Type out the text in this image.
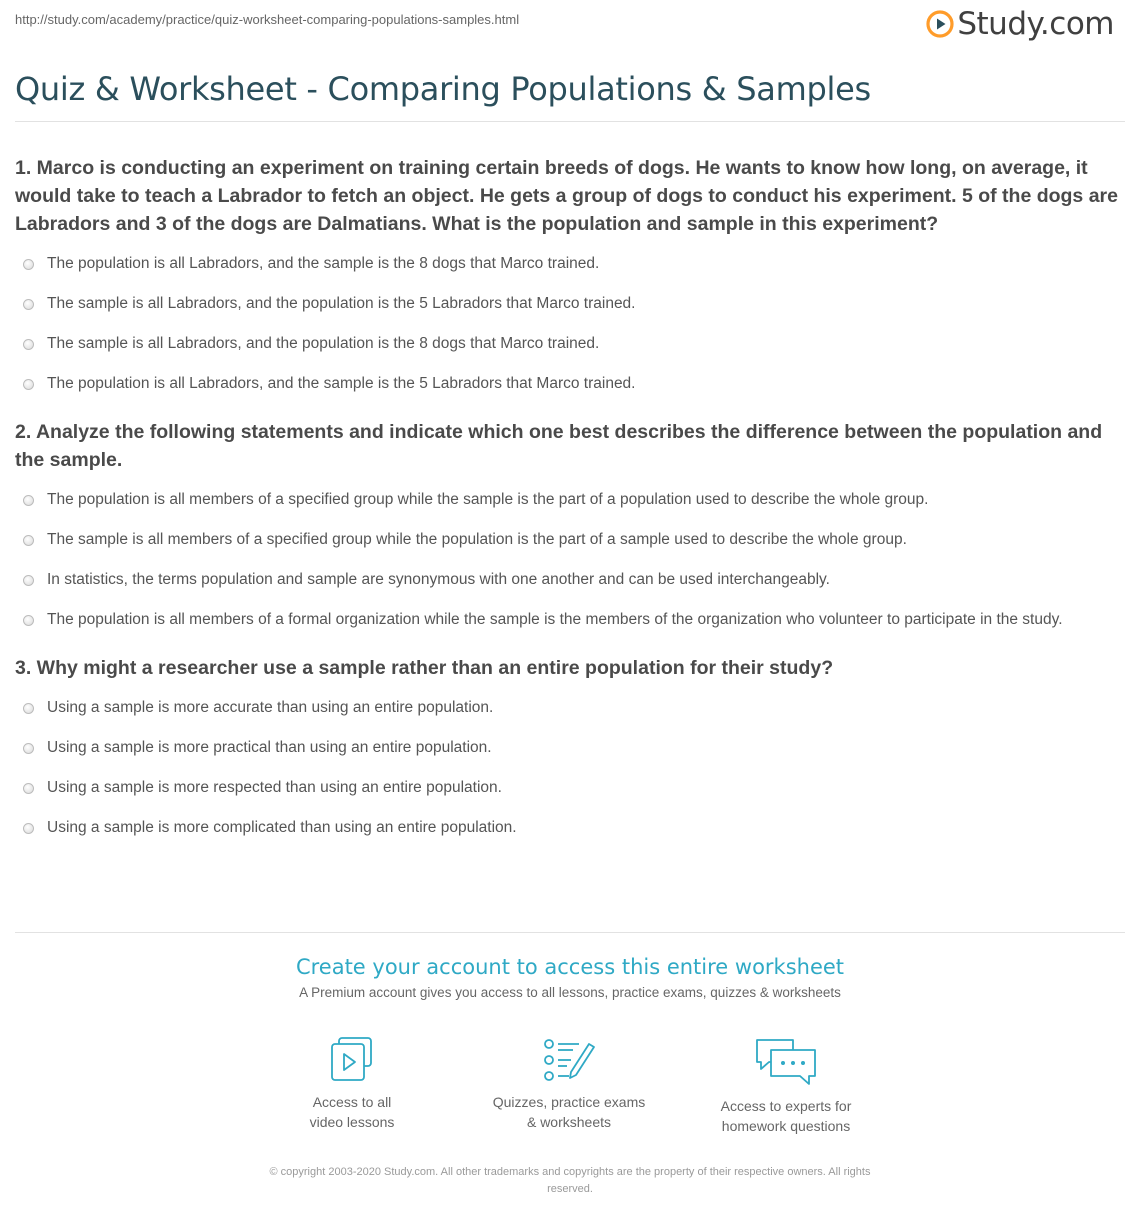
http://study.com/academy/practice/quiz-worksheet-comparing-populations-samples.html	Study.com
Quiz & Worksheet - Comparing Populations & Samples

1. Marco is conducting an experiment on training certain breeds of dogs. He wants to know how long, on average, it would take to teach a Labrador to fetch an object. He gets a group of dogs to conduct his experiment. 5 of the dogs are Labradors and 3 of the dogs are Dalmatians. What is the population and sample in this experiment?

The population is all Labradors, and the sample is the 8 dogs that Marco trained.
The sample is all Labradors, and the population is the 5 Labradors that Marco trained.
The sample is all Labradors, and the population is the 8 dogs that Marco trained.
The population is all Labradors, and the sample is the 5 Labradors that Marco trained.

2. Analyze the following statements and indicate which one best describes the difference between the population and the sample.

The population is all members of a specified group while the sample is the part of a population used to describe the whole group.
The sample is all members of a specified group while the population is the part of a sample used to describe the whole group.
In statistics, the terms population and sample are synonymous with one another and can be used interchangeably.
The population is all members of a formal organization while the sample is the members of the organization who volunteer to participate in the study.

3. Why might a researcher use a sample rather than an entire population for their study?

Using a sample is more accurate than using an entire population.
Using a sample is more practical than using an entire population.
Using a sample is more respected than using an entire population.
Using a sample is more complicated than using an entire population.
Create your account to access this entire worksheet
A Premium account gives you access to all lessons, practice exams, quizzes & worksheets
Access to all
video lessons
Quizzes, practice exams
& worksheets
Access to experts for
homework questions
© copyright 2003-2020 Study.com. All other trademarks and copyrights are the property of their respective owners. All rights
reserved.
